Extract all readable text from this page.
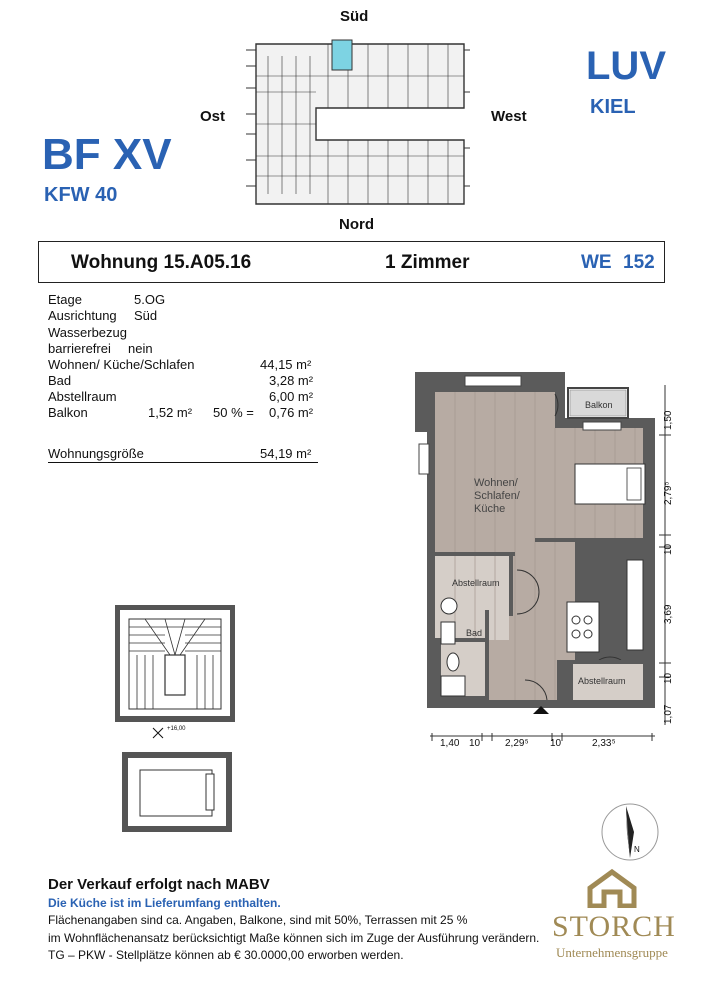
Süd
Ost	West
Nord
LUV
KIEL
BF XV
KFW 40
Wohnung 15.A05.16	1 Zimmer	WE 152
Etage	5.OG
Ausrichtung Süd
Wasserbezug
barrierefrei nein
Wohnen/ Küche/Schlafen	44,15 m²
Bad	3,28 m²
Abstellraum	6,00 m²
Balkon	1,52 m² 50 % = 0,76 m²
Wohnungsgröße	54,19 m²
Wohnen/
Schlafen/
Küche
Balkon
Abstellraum
Bad
Abstellraum
1,50
2,79⁵
10
3,69
10
1,07
1,40 10 2,29⁵ 10	2,33⁵
+16,00
N
Der Verkauf erfolgt nach MABV
Die Küche ist im Lieferumfang enthalten.
Flächenangaben sind ca. Angaben, Balkone, sind mit 50%, Terrassen mit 25 %
im Wohnflächenansatz berücksichtigt Maße können sich im Zuge der Ausführung verändern.
TG – PKW - Stellplätze können ab € 30.0000,00 erworben werden.
STORCH
Unternehmensgruppe
